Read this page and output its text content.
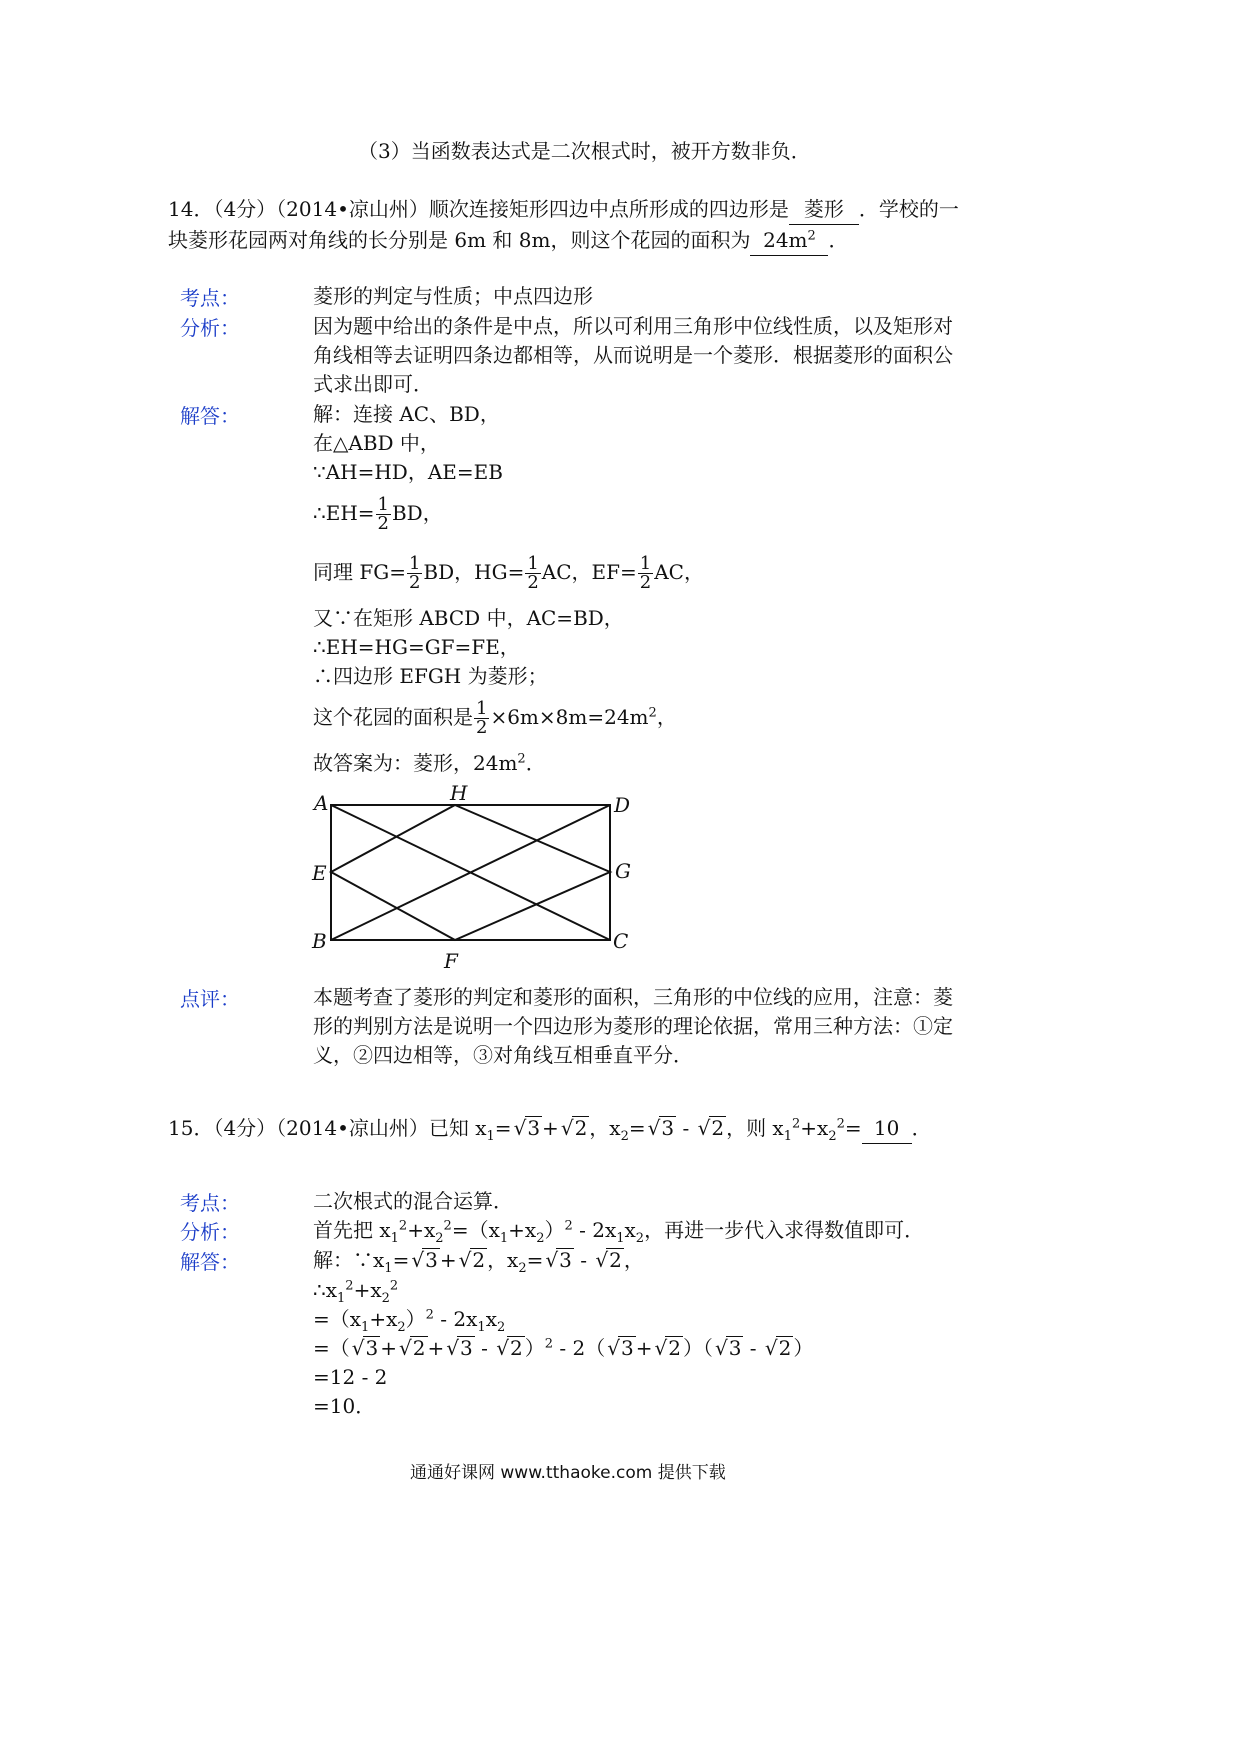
（3）当函数表达式是二次根式时，被开方数非负．
14．（4分）（2014•凉山州）顺次连接矩形四边中点所形成的四边形是 菱形 ．学校的一
块菱形花园两对角线的长分别是 6m 和 8m，则这个花园的面积为 $24m^2$ ．
考点：	菱形的判定与性质；中点四边形
分析：	因为题中给出的条件是中点，所以可利用三角形中位线性质，以及矩形对
角线相等去证明四条边都相等，从而说明是一个菱形．根据菱形的面积公
式求出即可．
解答：	解：连接 AC、BD，
在△ABD 中，
∵AH=HD，AE=EB
∴EH= $\frac{1}{2}$ BD，
同理 $FG= \frac{1}{2}$ BD，$HG= \frac{1}{2}$ AC，$EF= \frac{1}{2}$ AC，
又∵在矩形 ABCD 中，AC=BD，
∴EH=HG=GF=FE，
∴四边形 EFGH 为菱形；
这个花园的面积是 $\frac{1}{2} \times 6m\times 8m=24m^2$，
故答案为：菱形，$24m^2$．
A	H	D
E	G
B
F
C
点评：	本题考查了菱形的判定和菱形的面积，三角形的中位线的应用，注意：菱
形的判别方法是说明一个四边形为菱形的理论依据，常用三种方法：①定
义，②四边相等，③对角线互相垂直平分．
15．（4分）（2014•凉山州）已知 $x_1=√$ 3 +√ 2 ，$x_2=√$ 3 - √ 2 ，则 $x_1^2+x_2^2= 10$ ．
考点：	二次根式的混合运算．
分析：	首先把 $x_1^2+x_2^2=(x_1+x_2)^2 - 2x_1x_2$，再进一步代入求得数值即可．
解答：	解：$\because x_1=√$ 3 +√ 2 ，$x_2=√$ 3 - √ 2 ，
$\therefore x_1^2+x_2^2$
$=(x_1+x_2)^2 - 2x_1x_2$
=（√ 3 +√ 2 +√ 3 - √ 2 ）$^2$ - 2（√ 3 +√ 2 ）（√ 3 - √ 2 ）
=12 - 2
=10．
通通好课网 www.tthaoke.com 提供下载
